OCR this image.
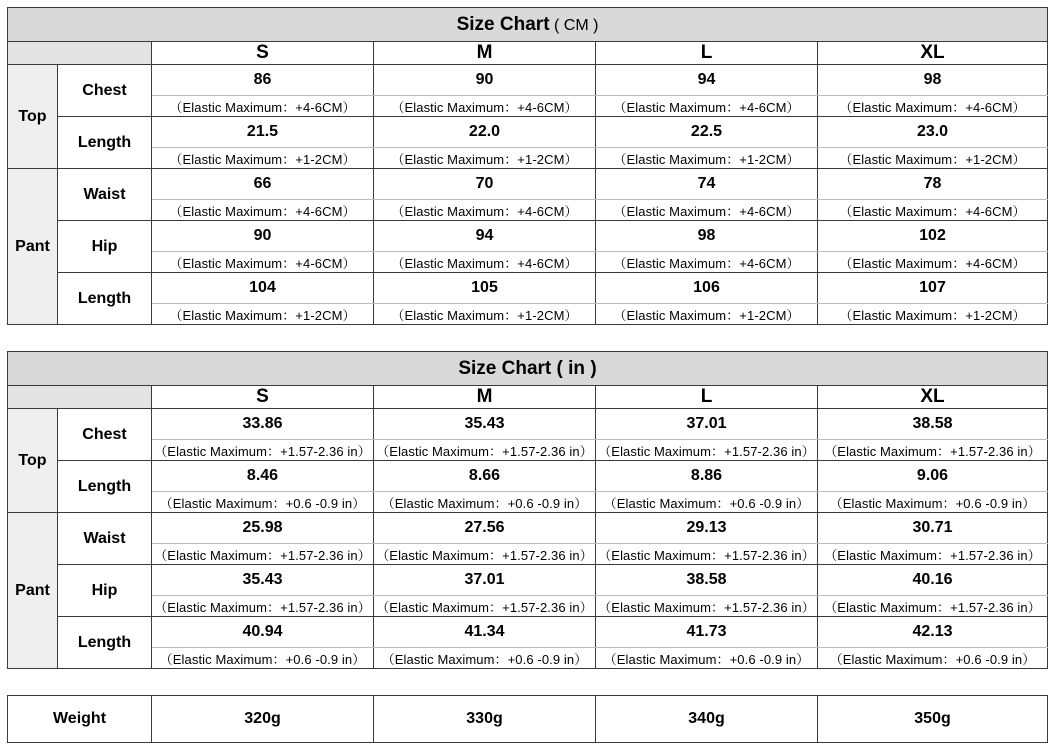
Size Chart ( CM )					
		S	M	L	XL
Top	Chest	86	90	94	98
		（Elastic Maximum：+4-6CM）	（Elastic Maximum：+4-6CM）	（Elastic Maximum：+4-6CM）	（Elastic Maximum：+4-6CM）
	Length	21.5	22.0	22.5	23.0
		（Elastic Maximum：+1-2CM）	（Elastic Maximum：+1-2CM）	（Elastic Maximum：+1-2CM）	（Elastic Maximum：+1-2CM）
Pant	Waist	66	70	74	78
		（Elastic Maximum：+4-6CM）	（Elastic Maximum：+4-6CM）	（Elastic Maximum：+4-6CM）	（Elastic Maximum：+4-6CM）
	Hip	90	94	98	102
		（Elastic Maximum：+4-6CM）	（Elastic Maximum：+4-6CM）	（Elastic Maximum：+4-6CM）	（Elastic Maximum：+4-6CM）
	Length	104	105	106	107
		（Elastic Maximum：+1-2CM）	（Elastic Maximum：+1-2CM）	（Elastic Maximum：+1-2CM）	（Elastic Maximum：+1-2CM）
Size Chart ( in )					
		S	M	L	XL
Top	Chest	33.86	35.43	37.01	38.58
		（Elastic Maximum：+1.57-2.36 in）	（Elastic Maximum：+1.57-2.36 in）	（Elastic Maximum：+1.57-2.36 in）	（Elastic Maximum：+1.57-2.36 in）
	Length	8.46	8.66	8.86	9.06
		（Elastic Maximum：+0.6 -0.9 in）	（Elastic Maximum：+0.6 -0.9 in）	（Elastic Maximum：+0.6 -0.9 in）	（Elastic Maximum：+0.6 -0.9 in）
Pant	Waist	25.98	27.56	29.13	30.71
		（Elastic Maximum：+1.57-2.36 in）	（Elastic Maximum：+1.57-2.36 in）	（Elastic Maximum：+1.57-2.36 in）	（Elastic Maximum：+1.57-2.36 in）
	Hip	35.43	37.01	38.58	40.16
		（Elastic Maximum：+1.57-2.36 in）	（Elastic Maximum：+1.57-2.36 in）	（Elastic Maximum：+1.57-2.36 in）	（Elastic Maximum：+1.57-2.36 in）
	Length	40.94	41.34	41.73	42.13
		（Elastic Maximum：+0.6 -0.9 in）	（Elastic Maximum：+0.6 -0.9 in）	（Elastic Maximum：+0.6 -0.9 in）	（Elastic Maximum：+0.6 -0.9 in）
Weight	320g	330g	340g	350g
